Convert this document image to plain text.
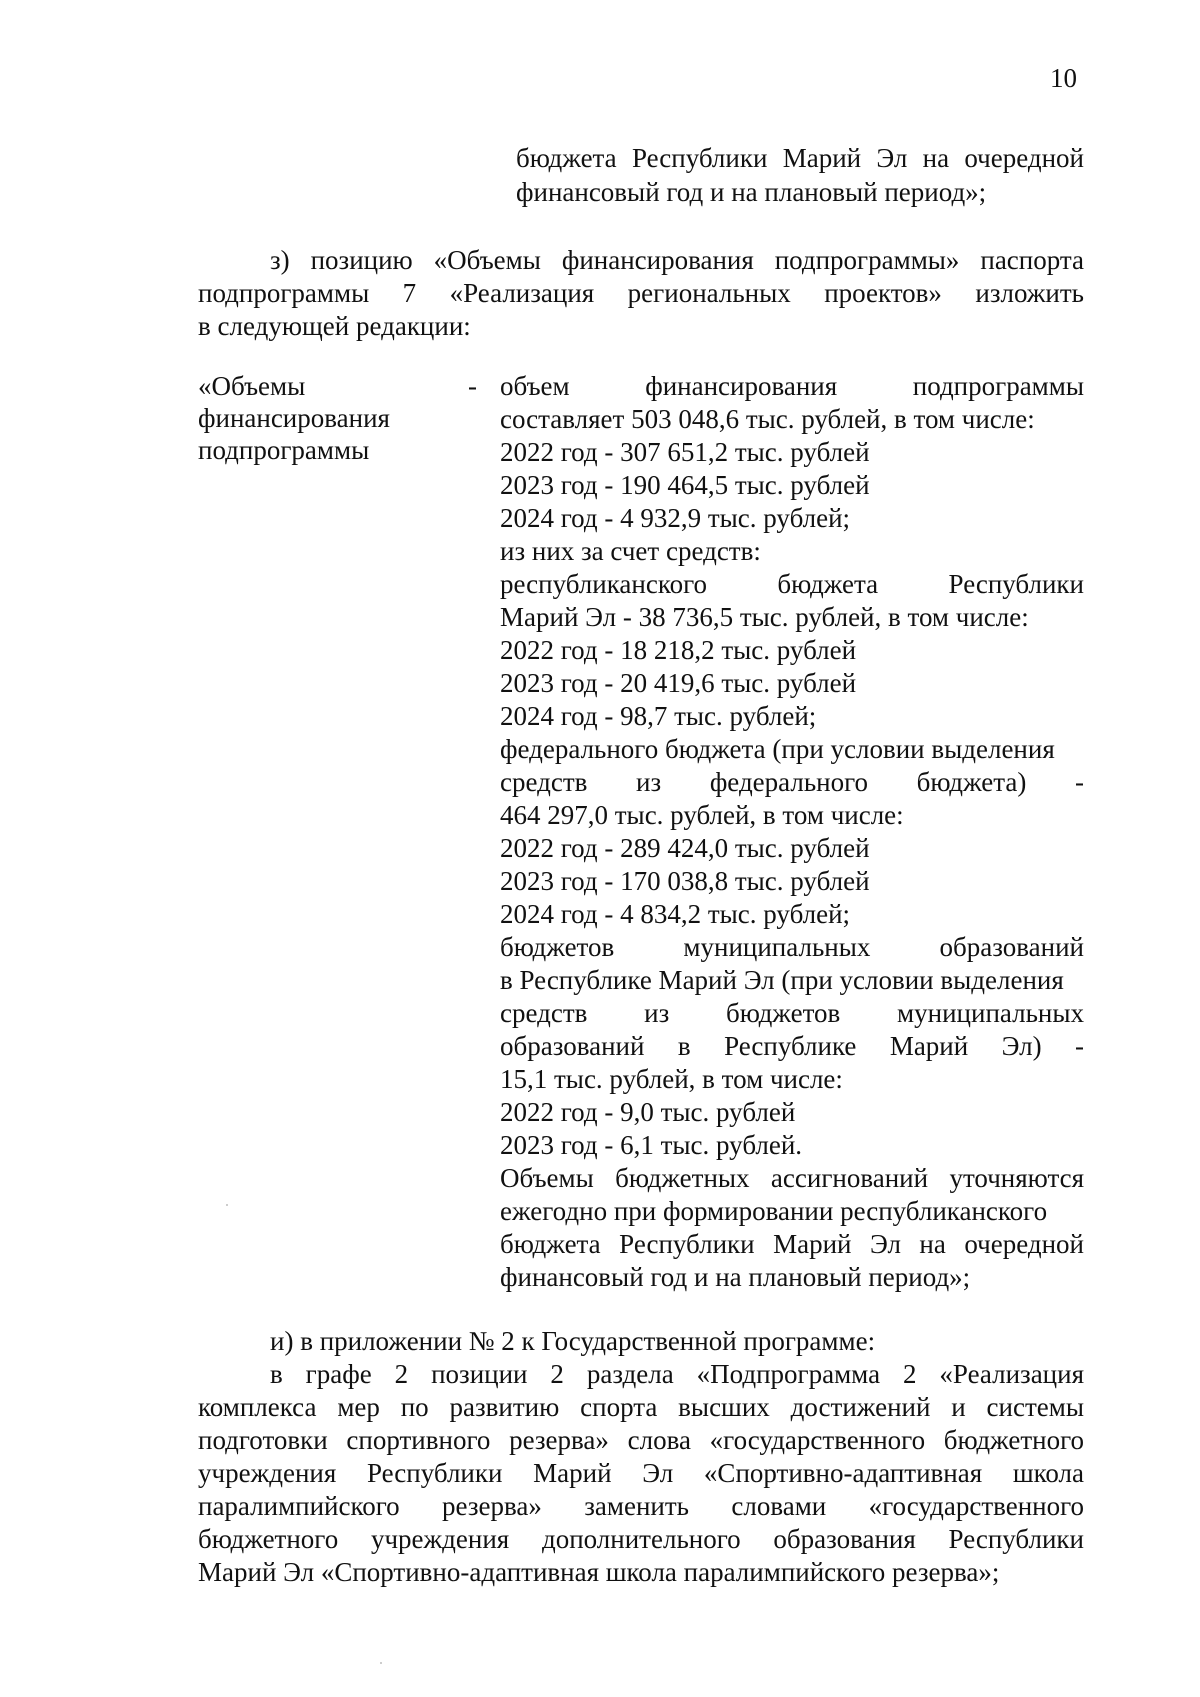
10
бюджета Республики Марий Эл на очередной
финансовый год и на плановый период»;
з) позицию «Объемы финансирования подпрограммы» паспорта
подпрограммы 7 «Реализация региональных проектов» изложить
в следующей редакции:
«Объемы
финансирования
подпрограммы
- объем финансирования подпрограммы
составляет 503 048,6 тыс. рублей, в том числе:
2022 год - 307 651,2 тыс. рублей
2023 год - 190 464,5 тыс. рублей
2024 год - 4 932,9 тыс. рублей;
из них за счет средств:
республиканского бюджета Республики
Марий Эл - 38 736,5 тыс. рублей, в том числе:
2022 год - 18 218,2 тыс. рублей
2023 год - 20 419,6 тыс. рублей
2024 год - 98,7 тыс. рублей;
федерального бюджета (при условии выделения
средств из федерального бюджета) -
464 297,0 тыс. рублей, в том числе:
2022 год - 289 424,0 тыс. рублей
2023 год - 170 038,8 тыс. рублей
2024 год - 4 834,2 тыс. рублей;
бюджетов муниципальных образований
в Республике Марий Эл (при условии выделения
средств из бюджетов муниципальных
образований в Республике Марий Эл) -
15,1 тыс. рублей, в том числе:
2022 год - 9,0 тыс. рублей
2023 год - 6,1 тыс. рублей.
Объемы бюджетных ассигнований уточняются
ежегодно при формировании республиканского
бюджета Республики Марий Эл на очередной
финансовый год и на плановый период»;
и) в приложении № 2 к Государственной программе:
в графе 2 позиции 2 раздела «Подпрограмма 2 «Реализация
комплекса мер по развитию спорта высших достижений и системы
подготовки спортивного резерва» слова «государственного бюджетного
учреждения Республики Марий Эл «Спортивно-адаптивная школа
паралимпийского резерва» заменить словами «государственного
бюджетного учреждения дополнительного образования Республики
Марий Эл «Спортивно-адаптивная школа паралимпийского резерва»;
